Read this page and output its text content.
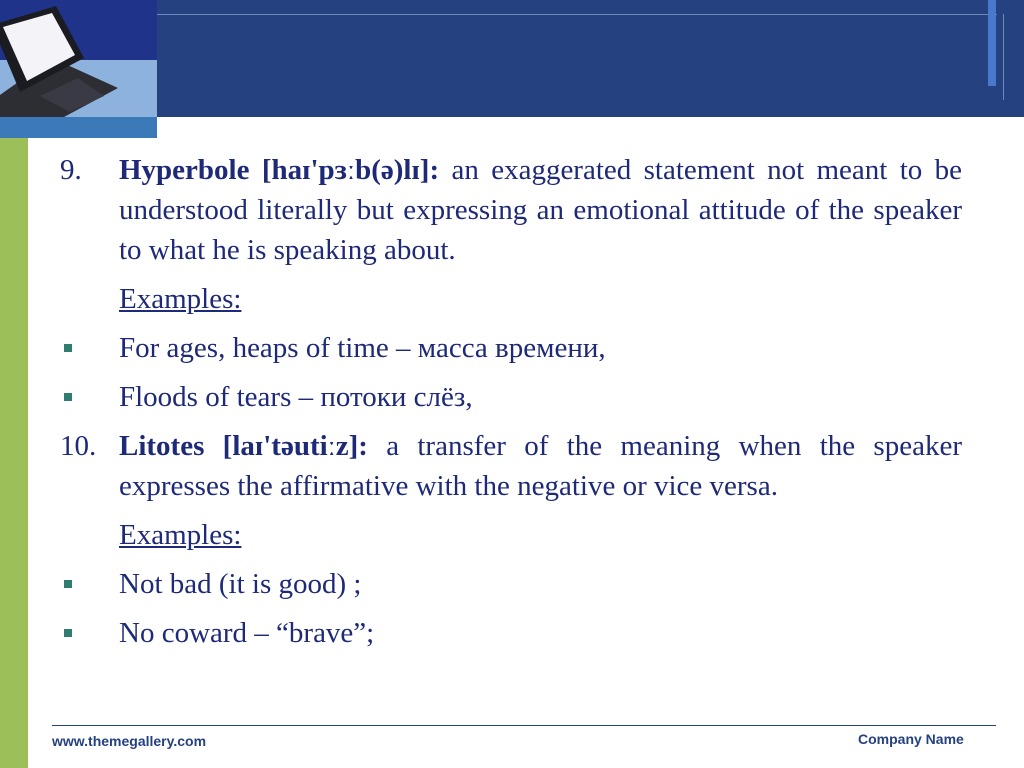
9. Hyperbole [haɪ'pɜːb(ə)lɪ]: an exaggerated statement not meant to be understood literally but expressing an emotional attitude of the speaker to what he is speaking about.
Examples:
For ages, heaps of time – масса времени,
Floods of tears – потоки слёз,
10. Litotes [laɪ'təutiːz]: a transfer of the meaning when the speaker expresses the affirmative with the negative or vice versa.
Examples:
Not bad (it is good) ;
No coward – “brave”;
www.themegallery.com	Company Name
